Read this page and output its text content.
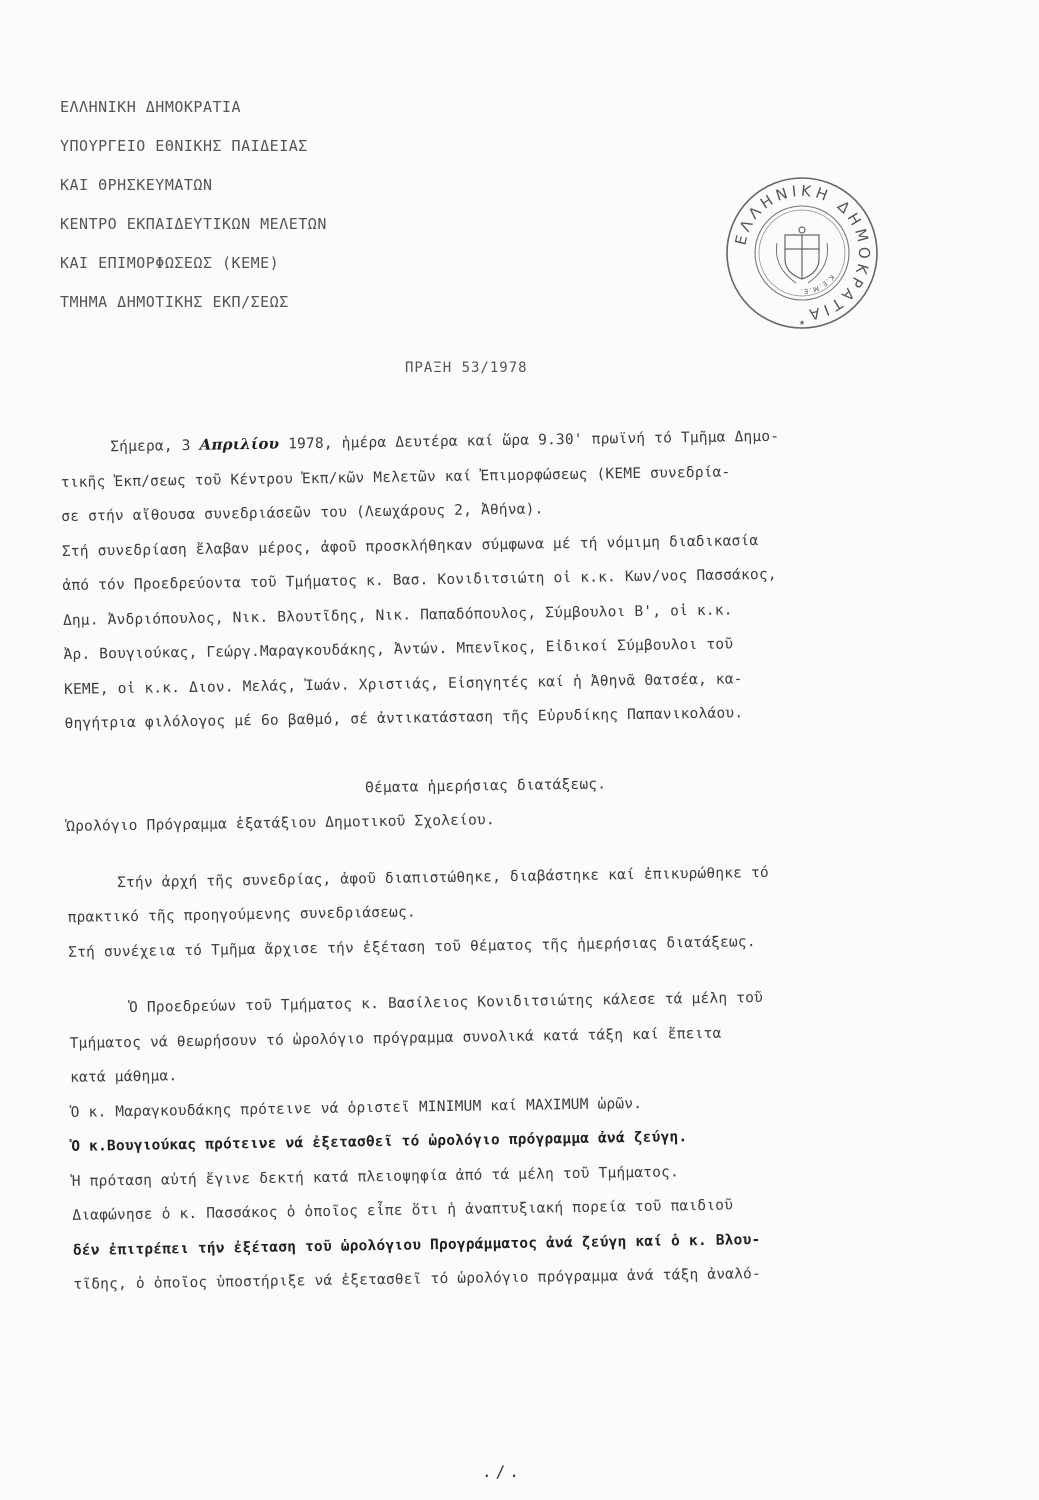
ΕΛΛΗΝΙΚΗ ΔΗΜΟΚΡΑΤΙΑ
ΥΠΟΥΡΓΕΙΟ ΕΘΝΙΚΗΣ ΠΑΙΔΕΙΑΣ
ΚΑΙ ΘΡΗΣΚΕΥΜΑΤΩΝ
ΚΕΝΤΡΟ ΕΚΠΑΙΔΕΥΤΙΚΩΝ ΜΕΛΕΤΩΝ
ΚΑΙ ΕΠΙΜΟΡΦΩΣΕΩΣ (ΚΕΜΕ)
ΤΜΗΜΑ ΔΗΜΟΤΙΚΗΣ ΕΚΠ/ΣΕΩΣ
ΕΛΛΗΝΙΚΗ ΔΗΜΟΚΡΑΤΙΑ
Κ.Ε.Μ.Ε.
★
ΠΡΑΞΗ 53/1978
Σήμερα, 3 Απριλίου 1978, ἡμέρα Δευτέρα καί ὥρα 9.30' πρωϊνή τό Τμῆμα Δημο-
τικῆς Ἐκπ/σεως τοῦ Κέντρου Ἐκπ/κῶν Μελετῶν καί Ἐπιμορφώσεως (ΚΕΜΕ συνεδρία-
σε στήν αἴθουσα συνεδριάσεῶν του (Λεωχάρους 2, Ἀθήνα).
Στή συνεδρίαση ἔλαβαν μέρος, ἀφοῦ προσκλήθηκαν σύμφωνα μέ τή νόμιμη διαδικασία
ἀπό τόν Προεδρεύοντα τοῦ Τμήματος κ. Βασ. Κονιδιτσιώτη οἱ κ.κ. Κων/νος Πασσάκος,
Δημ. Ἀνδριόπουλος, Νικ. Βλουτῖδης, Νικ. Παπαδόπουλος, Σύμβουλοι Β', οἱ κ.κ.
Ἀρ. Βουγιούκας, Γεώργ.Μαραγκουδάκης, Ἀντών. Μπενῖκος, Εἰδικοί Σύμβουλοι τοῦ
ΚΕΜΕ, οἱ κ.κ. Διον. Μελάς, Ἰωάν. Χριστιάς, Εἰσηγητές καί ἡ Ἀθηνᾶ Θατσέα, κα-
θηγήτρια φιλόλογος μέ 6ο βαθμό, σέ ἀντικατάσταση τῆς Εὐρυδίκης Παπανικολάου.
Θέματα ἡμερήσιας διατάξεως.
Ὡρολόγιο Πρόγραμμα ἑξατάξιου Δημοτικοῦ Σχολείου.
Στήν ἀρχή τῆς συνεδρίας, ἀφοῦ διαπιστώθηκε, διαβάστηκε καί ἐπικυρώθηκε τό
πρακτικό τῆς προηγούμενης συνεδριάσεως.
Στή συνέχεια τό Τμῆμα ἄρχισε τήν ἐξέταση τοῦ θέματος τῆς ἡμερήσιας διατάξεως.
Ὁ Προεδρεύων τοῦ Τμήματος κ. Βασίλειος Κονιδιτσιώτης κάλεσε τά μέλη τοῦ
Τμήματος νά θεωρήσουν τό ὡρολόγιο πρόγραμμα συνολικά κατά τάξη καί ἔπειτα
κατά μάθημα.
Ὁ κ. Μαραγκουδάκης πρότεινε νά ὁριστεῖ MINIMUM καί MAXIMUM ὡρῶν.
Ὁ κ.Βουγιούκας πρότεινε νά ἐξετασθεῖ τό ὡρολόγιο πρόγραμμα ἀνά ζεύγη.
Ἡ πρόταση αὐτή ἔγινε δεκτή κατά πλειοψηφία ἀπό τά μέλη τοῦ Τμήματος.
Διαφώνησε ὁ κ. Πασσάκος ὁ ὁποῖος εἶπε ὅτι ἡ ἀναπτυξιακή πορεία τοῦ παιδιοῦ
δέν ἐπιτρέπει τήν ἐξέταση τοῦ ὡρολόγιου Προγράμματος ἀνά ζεύγη καί ὁ κ. Βλου-
τῖδης, ὁ ὁποῖος ὑποστήριξε νά ἐξετασθεῖ τό ὡρολόγιο πρόγραμμα ἀνά τάξη ἀναλό-
./.
